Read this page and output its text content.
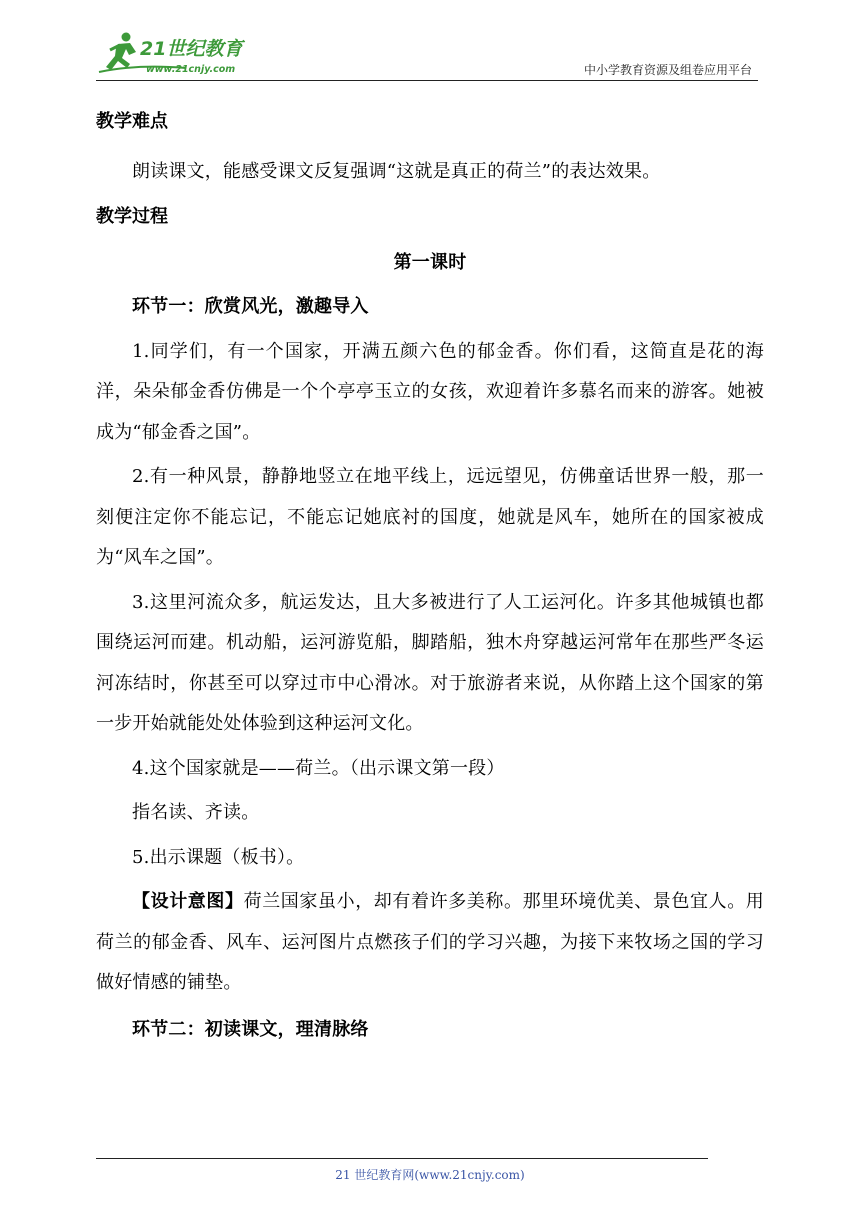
21世纪教育
www.21cnjy.com	中小学教育资源及组卷应用平台

教学难点

朗读课文，能感受课文反复强调“这就是真正的荷兰”的表达效果。

教学过程

第一课时

环节一：欣赏风光，激趣导入

1.同学们，有一个国家，开满五颜六色的郁金香。你们看，这简直是花的海洋，朵朵郁金香仿佛是一个个亭亭玉立的女孩，欢迎着许多慕名而来的游客。她被成为“郁金香之国”。

2.有一种风景，静静地竖立在地平线上，远远望见，仿佛童话世界一般，那一刻便注定你不能忘记，不能忘记她底衬的国度，她就是风车，她所在的国家被成为“风车之国”。

3.这里河流众多，航运发达，且大多被进行了人工运河化。许多其他城镇也都围绕运河而建。机动船，运河游览船，脚踏船，独木舟穿越运河常年在那些严冬运河冻结时，你甚至可以穿过市中心滑冰。对于旅游者来说，从你踏上这个国家的第一步开始就能处处体验到这种运河文化。

4.这个国家就是——荷兰。（出示课文第一段）

指名读、齐读。

5.出示课题（板书）。

【设计意图】荷兰国家虽小，却有着许多美称。那里环境优美、景色宜人。用荷兰的郁金香、风车、运河图片点燃孩子们的学习兴趣，为接下来牧场之国的学习做好情感的铺垫。

环节二：初读课文，理清脉络

21 世纪教育网(www.21cnjy.com)
